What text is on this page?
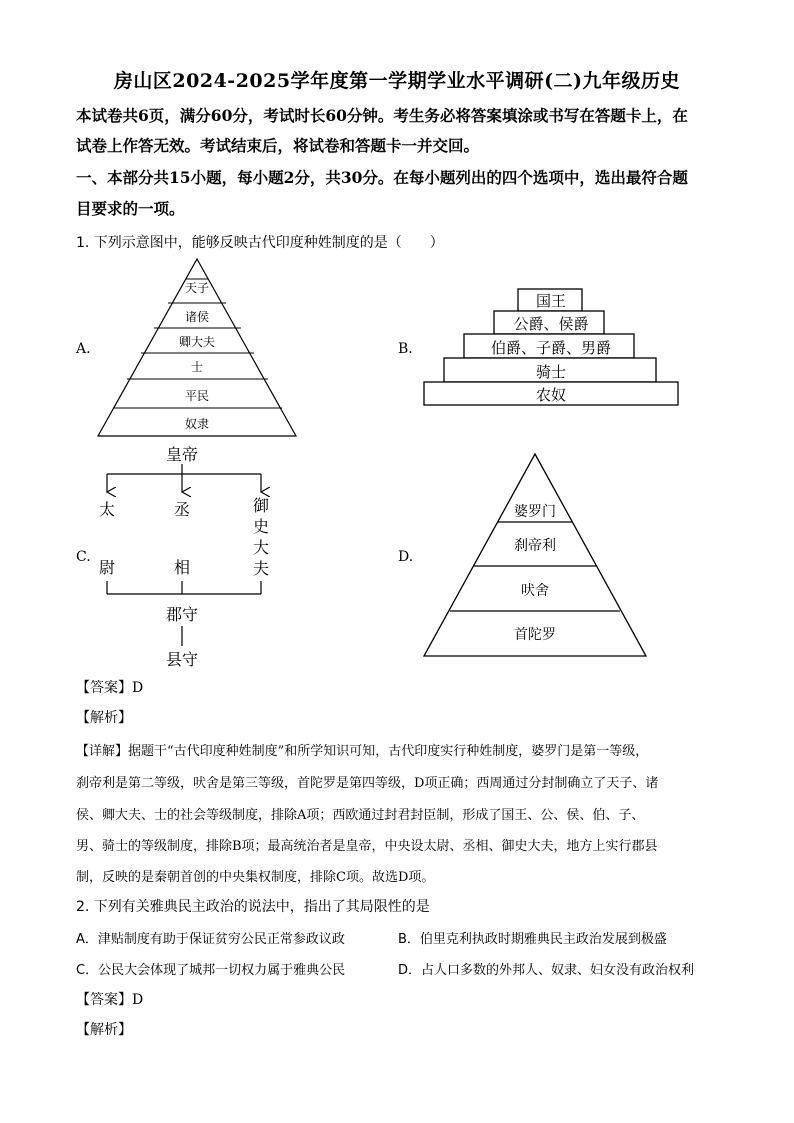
房山区2024-2025学年度第一学期学业水平调研(二)九年级历史
本试卷共6页，满分60分，考试时长60分钟。考生务必将答案填涂或书写在答题卡上，在
试卷上作答无效。考试结束后，将试卷和答题卡一并交回。
一、本部分共15小题，每小题2分，共30分。在每小题列出的四个选项中，选出最符合题
目要求的一项。
1. 下列示意图中，能够反映古代印度种姓制度的是（　　）
A.	B.
C.	D.
天子
诸侯
卿大夫
士
平民
奴隶
国王
公爵、侯爵
伯爵、子爵、男爵
骑士
农奴
皇帝
太
尉
丞
相
御
史
大
夫
郡守
县守
婆罗门
刹帝利
吠舍
首陀罗
【答案】D
【解析】
【详解】据题干“古代印度种姓制度”和所学知识可知，古代印度实行种姓制度，婆罗门是第一等级，
刹帝利是第二等级，吠舍是第三等级，首陀罗是第四等级，D项正确；西周通过分封制确立了天子、诸
侯、卿大夫、士的社会等级制度，排除A项；西欧通过封君封臣制，形成了国王、公、侯、伯、子、
男、骑士的等级制度，排除B项；最高统治者是皇帝，中央设太尉、丞相、御史大夫，地方上实行郡县
制，反映的是秦朝首创的中央集权制度，排除C项。故选D项。
2. 下列有关雅典民主政治的说法中，指出了其局限性的是
A．津贴制度有助于保证贫穷公民正常参政议政	B．伯里克利执政时期雅典民主政治发展到极盛
C．公民大会体现了城邦一切权力属于雅典公民	D．占人口多数的外邦人、奴隶、妇女没有政治权利
【答案】D
【解析】
